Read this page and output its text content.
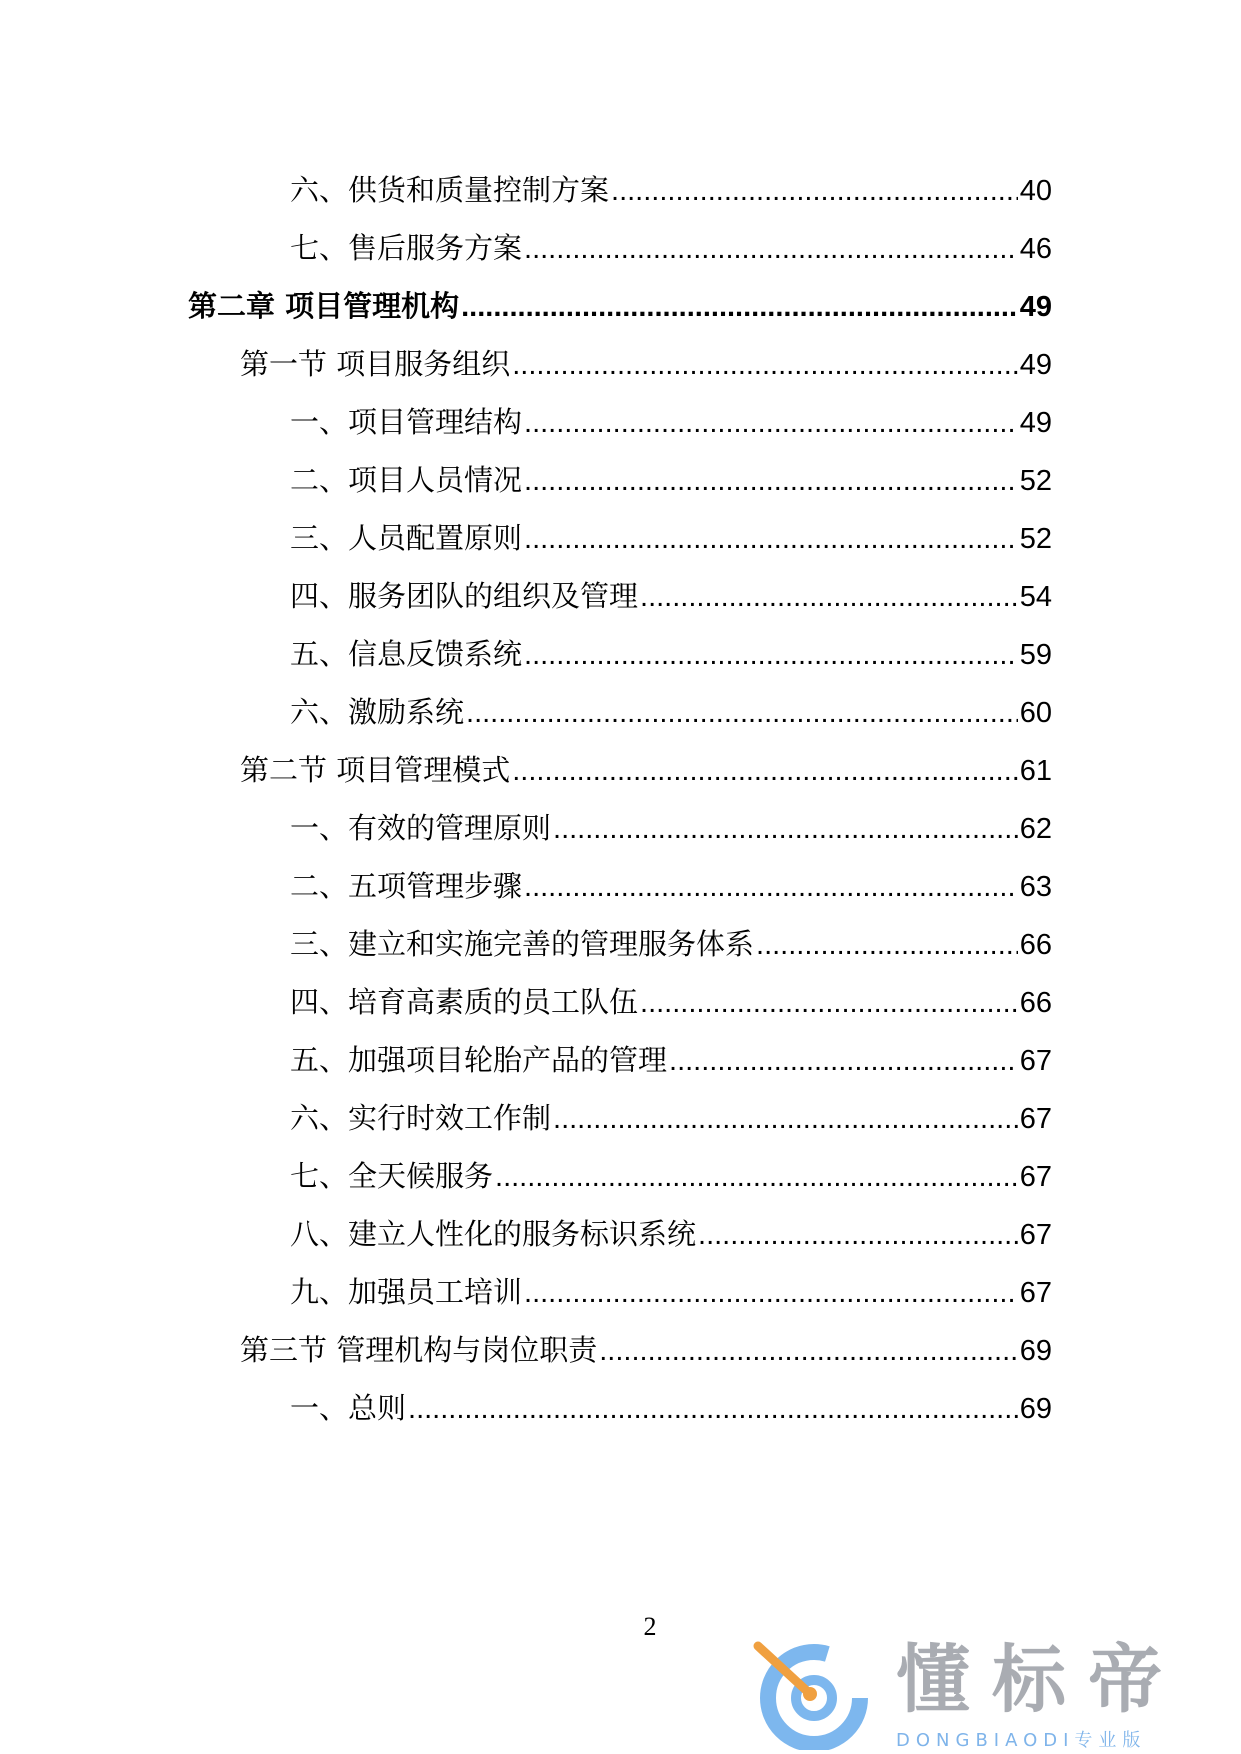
六、供货和质量控制方案 .....	40
七、售后服务方案 .....	46
第二章 项目管理机构 .....	49
第一节 项目服务组织 .....	49
一、项目管理结构 .....	49
二、项目人员情况 .....	52
三、人员配置原则 .....	52
四、服务团队的组织及管理 .....	54
五、信息反馈系统 .....	59
六、激励系统 .....	60
第二节 项目管理模式 .....	61
一、有效的管理原则 .....	62
二、五项管理步骤 .....	63
三、建立和实施完善的管理服务体系 .....	66
四、培育高素质的员工队伍 .....	66
五、加强项目轮胎产品的管理 .....	67
六、实行时效工作制 .....	67
七、全天候服务 .....	67
八、建立人性化的服务标识系统 .....	67
九、加强员工培训 .....	67
第三节 管理机构与岗位职责 .....	69
一、总则 .....	69
2
懂标帝
DONGBIAODI专业版
